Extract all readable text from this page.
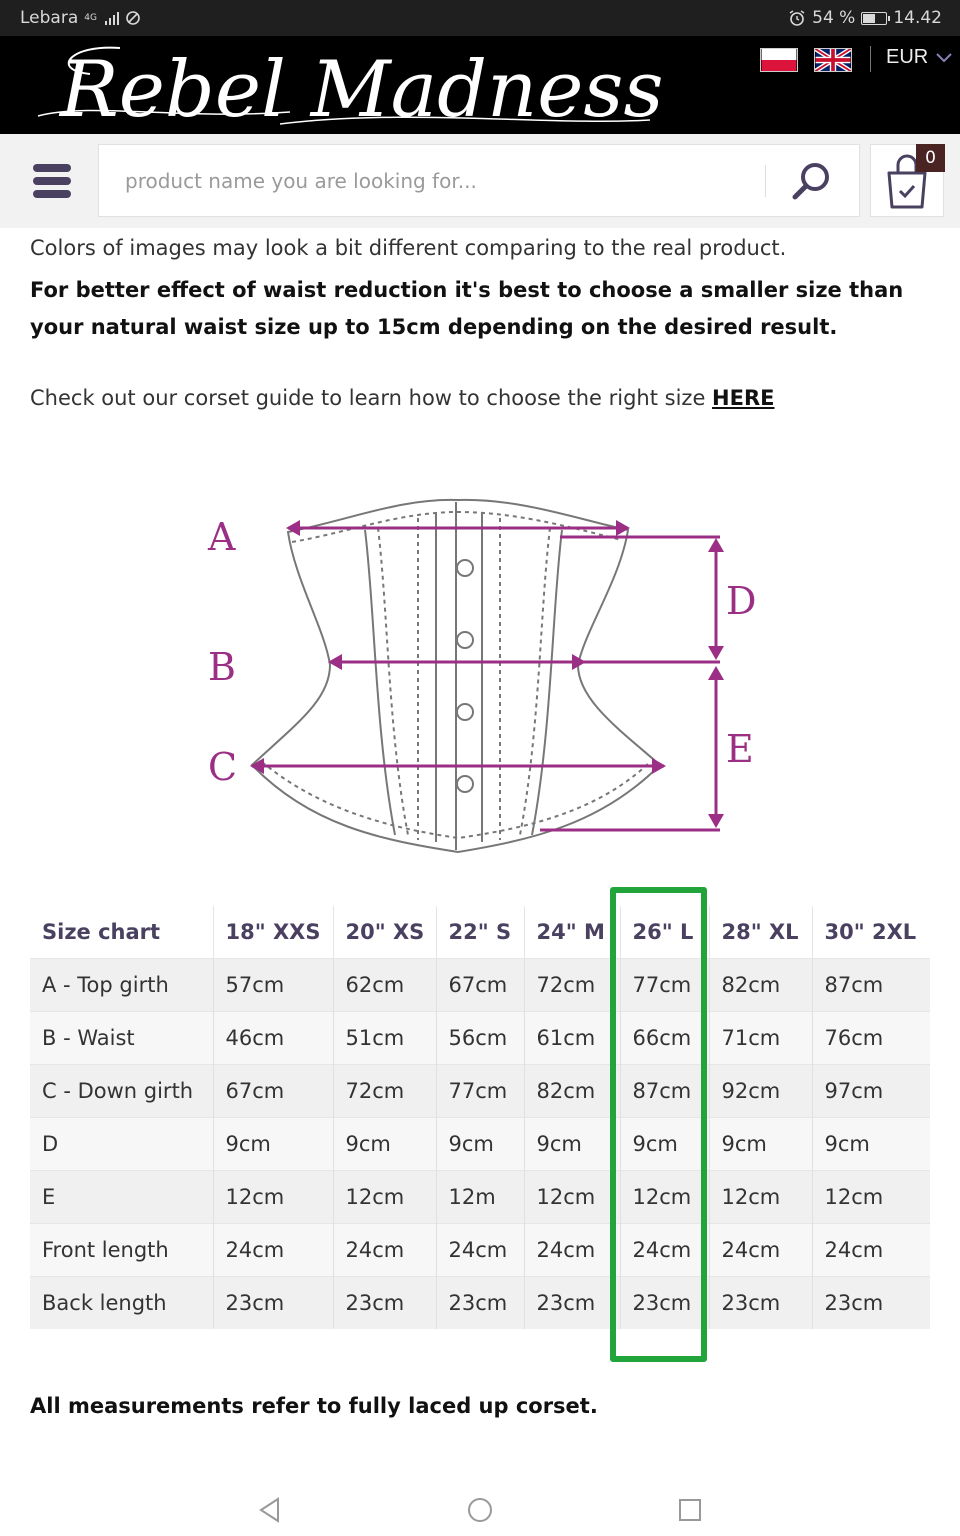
Lebara 4G	54 % 14.42
Rebel Madness	EUR
product name you are looking for...
0
Colors of images may look a bit different comparing to the real product.
For better effect of waist reduction it's best to choose a smaller size than your natural waist size up to 15cm depending on the desired result.
Check out our corset guide to learn how to choose the right size HERE
A
B
C
D
E
Size chart	18" XXS	20" XS	22" S	24" M	26" L	28" XL	30" 2XL
A - Top girth	57cm	62cm	67cm	72cm	77cm	82cm	87cm
B - Waist	46cm	51cm	56cm	61cm	66cm	71cm	76cm
C - Down girth	67cm	72cm	77cm	82cm	87cm	92cm	97cm
D	9cm	9cm	9cm	9cm	9cm	9cm	9cm
E	12cm	12cm	12m	12cm	12cm	12cm	12cm
Front length	24cm	24cm	24cm	24cm	24cm	24cm	24cm
Back length	23cm	23cm	23cm	23cm	23cm	23cm	23cm
All measurements refer to fully laced up corset.
